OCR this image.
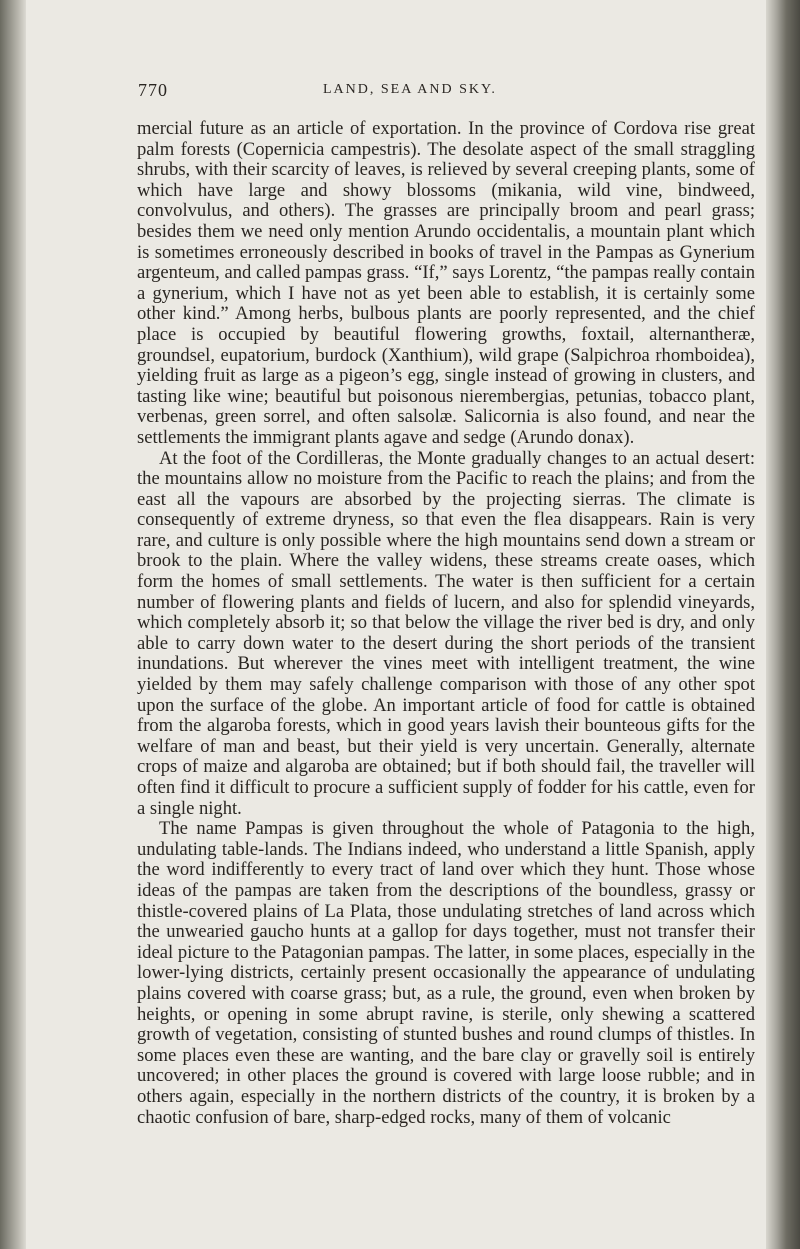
770	LAND, SEA AND SKY.

mercial future as an article of exportation. In the province of Cordova rise great palm forests (Copernicia campestris). The desolate aspect of the small straggling shrubs, with their scarcity of leaves, is relieved by several creeping plants, some of which have large and showy blossoms (mikania, wild vine, bindweed, convolvulus, and others). The grasses are principally broom and pearl grass; besides them we need only mention Arundo occidentalis, a mountain plant which is sometimes erroneously described in books of travel in the Pampas as Gynerium argenteum, and called pampas grass. “If,” says Lorentz, “the pampas really contain a gynerium, which I have not as yet been able to establish, it is certainly some other kind.” Among herbs, bulbous plants are poorly represented, and the chief place is occupied by beautiful flowering growths, foxtail, alternantheræ, groundsel, eupatorium, burdock (Xanthium), wild grape (Salpichroa rhomboidea), yielding fruit as large as a pigeon’s egg, single instead of growing in clusters, and tasting like wine; beautiful but poisonous nierembergias, petunias, tobacco plant, verbenas, green sorrel, and often salsolæ. Salicornia is also found, and near the settlements the immigrant plants agave and sedge (Arundo donax).

At the foot of the Cordilleras, the Monte gradually changes to an actual desert: the mountains allow no moisture from the Pacific to reach the plains; and from the east all the vapours are absorbed by the projecting sierras. The climate is consequently of extreme dryness, so that even the flea disappears. Rain is very rare, and culture is only possible where the high mountains send down a stream or brook to the plain. Where the valley widens, these streams create oases, which form the homes of small settlements. The water is then sufficient for a certain number of flowering plants and fields of lucern, and also for splendid vineyards, which completely absorb it; so that below the village the river bed is dry, and only able to carry down water to the desert during the short periods of the transient inundations. But wherever the vines meet with intelligent treatment, the wine yielded by them may safely challenge comparison with those of any other spot upon the surface of the globe. An important article of food for cattle is obtained from the algaroba forests, which in good years lavish their bounteous gifts for the welfare of man and beast, but their yield is very uncertain. Generally, alternate crops of maize and algaroba are obtained; but if both should fail, the traveller will often find it difficult to procure a sufficient supply of fodder for his cattle, even for a single night.

The name Pampas is given throughout the whole of Patagonia to the high, undulating table-lands. The Indians indeed, who understand a little Spanish, apply the word indifferently to every tract of land over which they hunt. Those whose ideas of the pampas are taken from the descriptions of the boundless, grassy or thistle-covered plains of La Plata, those undulating stretches of land across which the unwearied gaucho hunts at a gallop for days together, must not transfer their ideal picture to the Patagonian pampas. The latter, in some places, especially in the lower-lying districts, certainly present occasionally the appearance of undulating plains covered with coarse grass; but, as a rule, the ground, even when broken by heights, or opening in some abrupt ravine, is sterile, only shewing a scattered growth of vegetation, consisting of stunted bushes and round clumps of thistles. In some places even these are wanting, and the bare clay or gravelly soil is entirely uncovered; in other places the ground is covered with large loose rubble; and in others again, especially in the northern districts of the country, it is broken by a chaotic confusion of bare, sharp-edged rocks, many of them of volcanic
